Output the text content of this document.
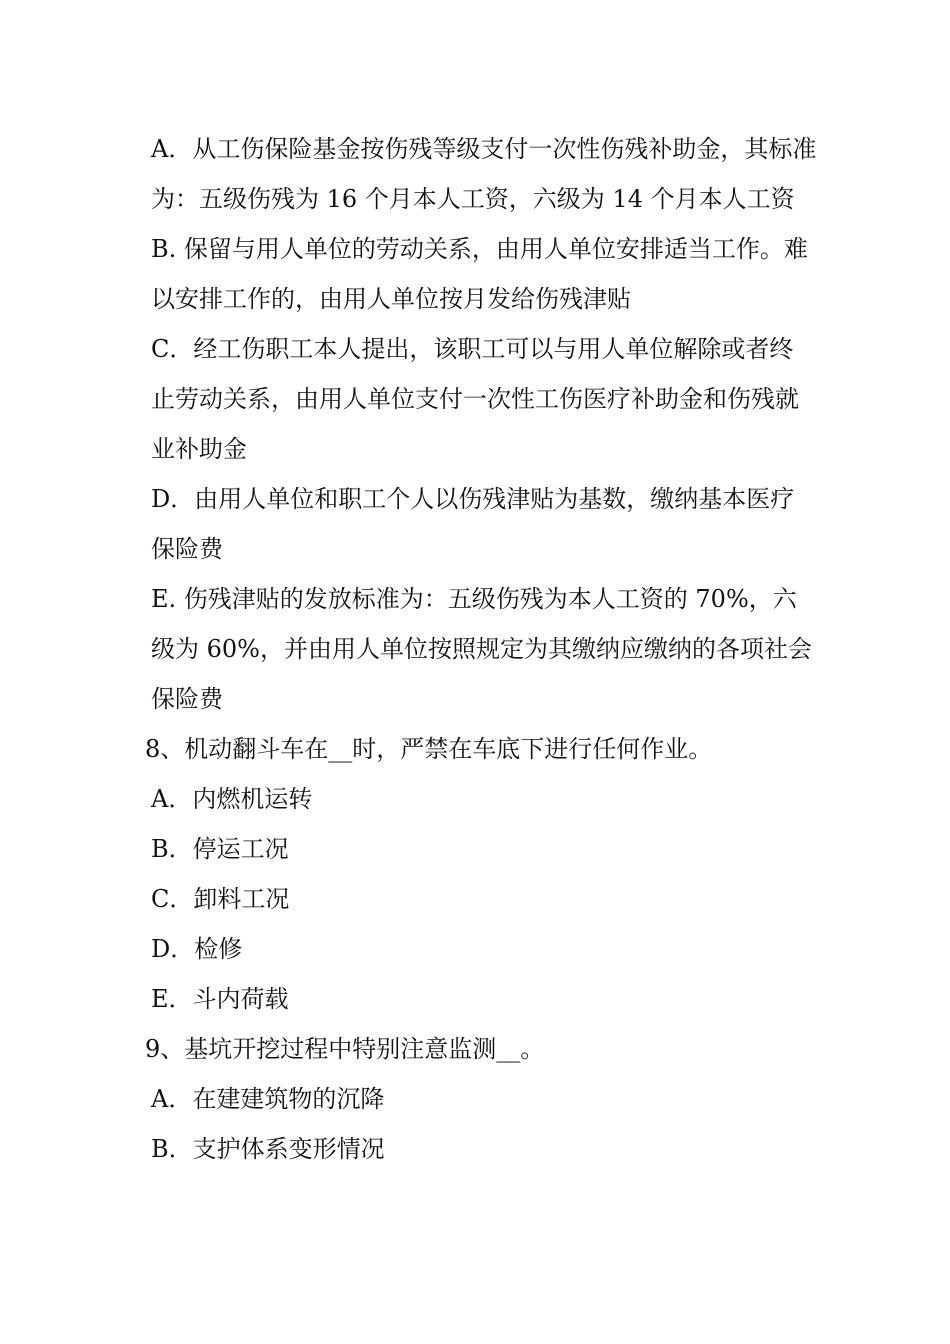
A．从工伤保险基金按伤残等级支付一次性伤残补助金，其标准为：五级伤残为 16 个月本人工资，六级为 14 个月本人工资

B. 保留与用人单位的劳动关系，由用人单位安排适当工作。难以安排工作的，由用人单位按月发给伤残津贴

C．经工伤职工本人提出，该职工可以与用人单位解除或者终止劳动关系，由用人单位支付一次性工伤医疗补助金和伤残就业补助金

D．由用人单位和职工个人以伤残津贴为基数，缴纳基本医疗保险费

E. 伤残津贴的发放标准为：五级伤残为本人工资的 70%，六级为 60%，并由用人单位按照规定为其缴纳应缴纳的各项社会保险费

8、机动翻斗车在__时，严禁在车底下进行任何作业。

A．内燃机运转

B．停运工况

C．卸料工况

D．检修

E．斗内荷载

9、基坑开挖过程中特别注意监测__。

A．在建建筑物的沉降

B．支护体系变形情况
